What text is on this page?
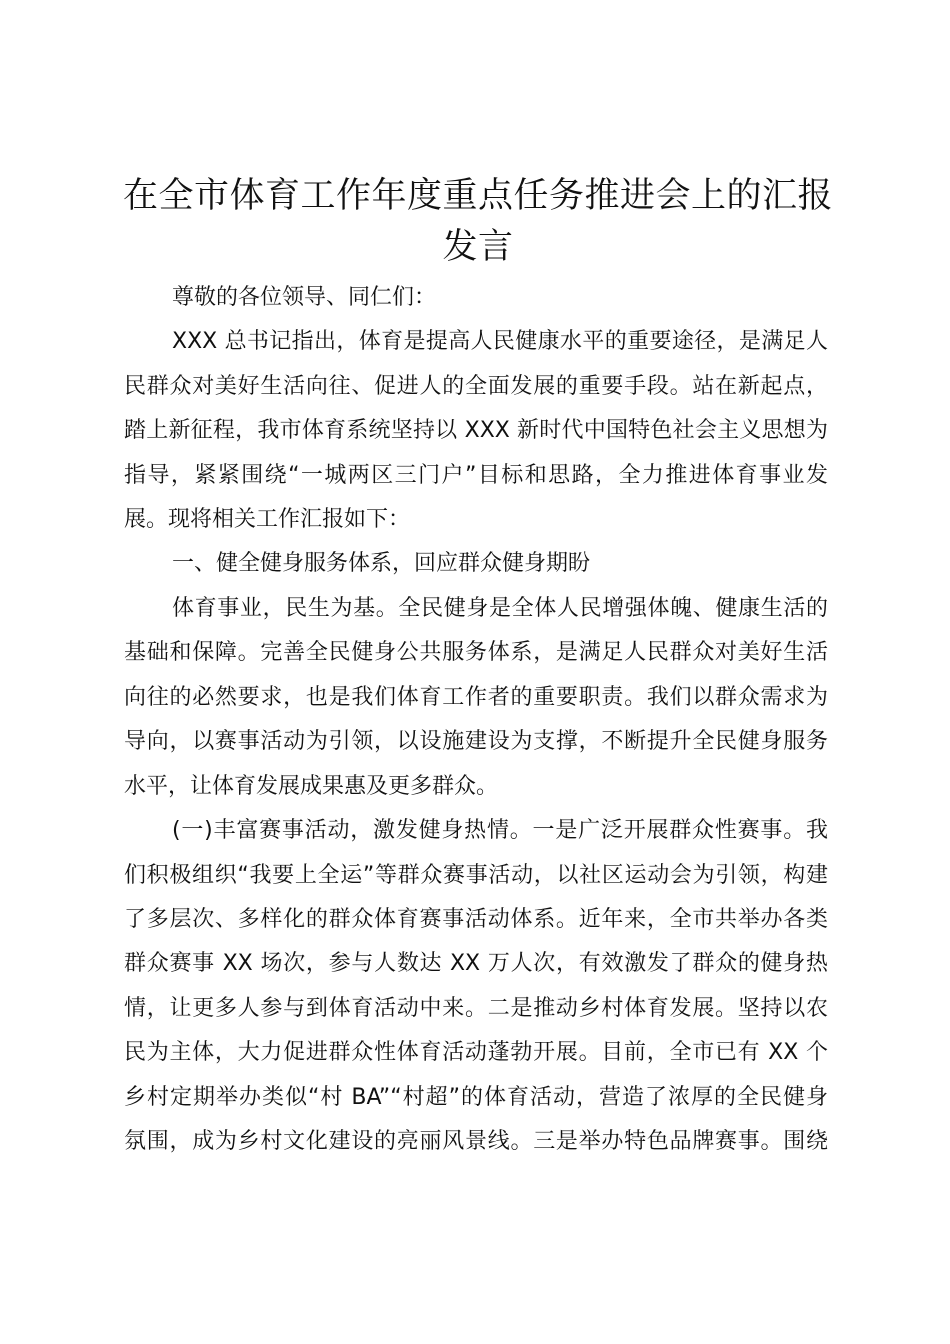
在全市体育工作年度重点任务推进会上的汇报
发言
尊敬的各位领导、同仁们：
XXX 总书记指出，体育是提高人民健康水平的重要途径，是满足人
民群众对美好生活向往、促进人的全面发展的重要手段。站在新起点，
踏上新征程，我市体育系统坚持以 XXX 新时代中国特色社会主义思想为
指导，紧紧围绕“一城两区三门户”目标和思路，全力推进体育事业发
展。现将相关工作汇报如下：
一、健全健身服务体系，回应群众健身期盼
体育事业，民生为基。全民健身是全体人民增强体魄、健康生活的
基础和保障。完善全民健身公共服务体系，是满足人民群众对美好生活
向往的必然要求，也是我们体育工作者的重要职责。我们以群众需求为
导向，以赛事活动为引领，以设施建设为支撑，不断提升全民健身服务
水平，让体育发展成果惠及更多群众。
(一)丰富赛事活动，激发健身热情。一是广泛开展群众性赛事。我
们积极组织“我要上全运”等群众赛事活动，以社区运动会为引领，构建
了多层次、多样化的群众体育赛事活动体系。近年来，全市共举办各类
群众赛事 XX 场次，参与人数达 XX 万人次，有效激发了群众的健身热
情，让更多人参与到体育活动中来。二是推动乡村体育发展。坚持以农
民为主体，大力促进群众性体育活动蓬勃开展。目前，全市已有 XX 个
乡村定期举办类似“村 BA”“村超”的体育活动，营造了浓厚的全民健身
氛围，成为乡村文化建设的亮丽风景线。三是举办特色品牌赛事。围绕
